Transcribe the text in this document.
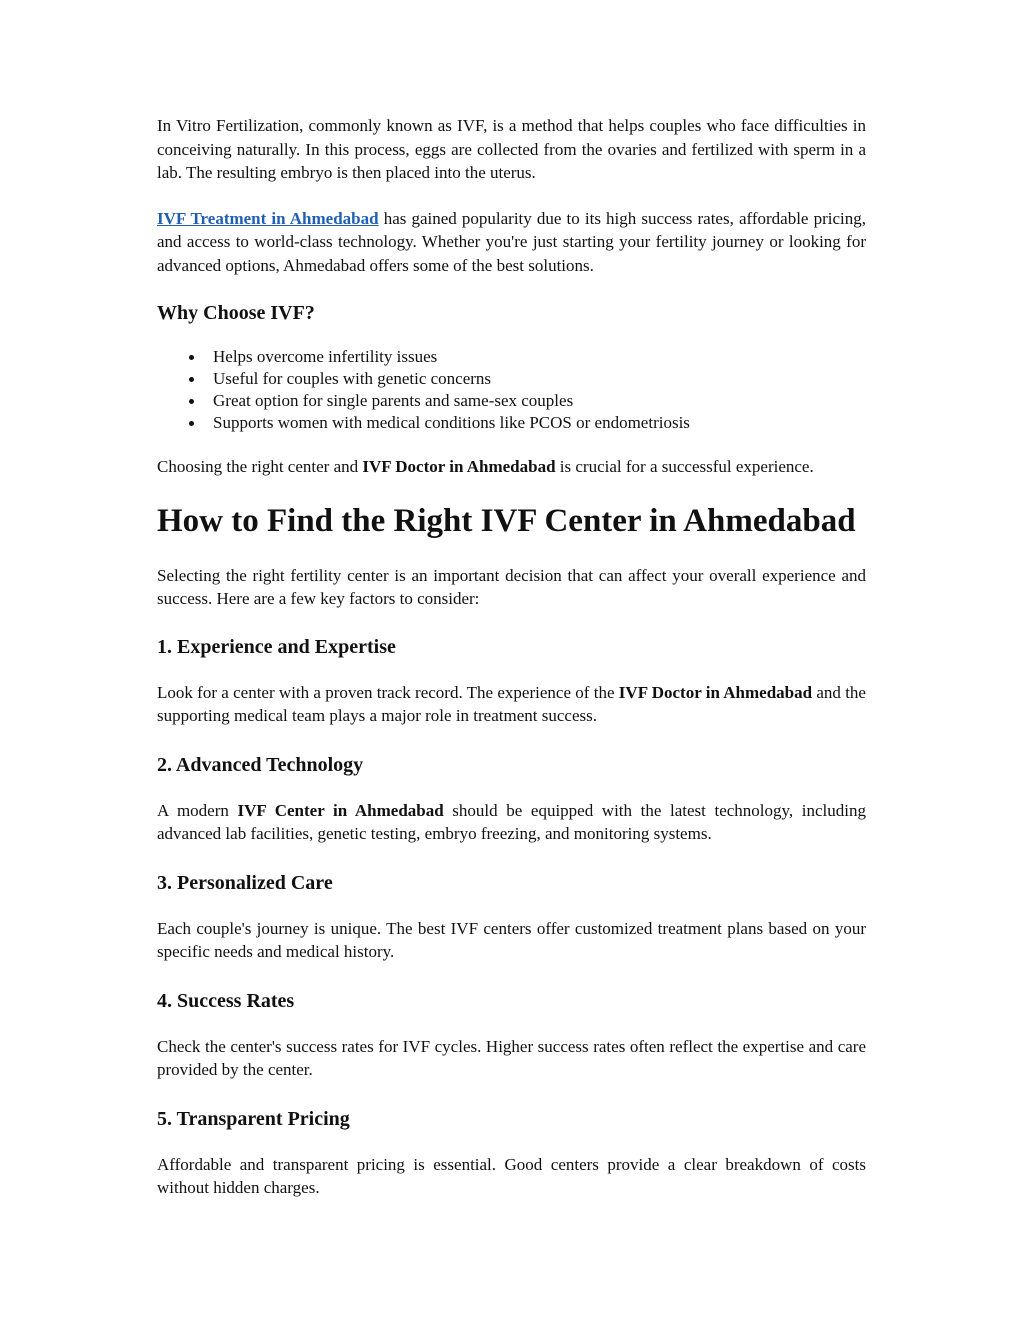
In Vitro Fertilization, commonly known as IVF, is a method that helps couples who face difficulties in conceiving naturally. In this process, eggs are collected from the ovaries and fertilized with sperm in a lab. The resulting embryo is then placed into the uterus.

IVF Treatment in Ahmedabad has gained popularity due to its high success rates, affordable pricing, and access to world-class technology. Whether you're just starting your fertility journey or looking for advanced options, Ahmedabad offers some of the best solutions.

Why Choose IVF?
Helps overcome infertility issues
Useful for couples with genetic concerns
Great option for single parents and same-sex couples
Supports women with medical conditions like PCOS or endometriosis

Choosing the right center and IVF Doctor in Ahmedabad is crucial for a successful experience.

How to Find the Right IVF Center in Ahmedabad

Selecting the right fertility center is an important decision that can affect your overall experience and success. Here are a few key factors to consider:

1. Experience and Expertise

Look for a center with a proven track record. The experience of the IVF Doctor in Ahmedabad and the supporting medical team plays a major role in treatment success.

2. Advanced Technology

A modern IVF Center in Ahmedabad should be equipped with the latest technology, including advanced lab facilities, genetic testing, embryo freezing, and monitoring systems.

3. Personalized Care

Each couple's journey is unique. The best IVF centers offer customized treatment plans based on your specific needs and medical history.

4. Success Rates

Check the center's success rates for IVF cycles. Higher success rates often reflect the expertise and care provided by the center.

5. Transparent Pricing

Affordable and transparent pricing is essential. Good centers provide a clear breakdown of costs without hidden charges.
